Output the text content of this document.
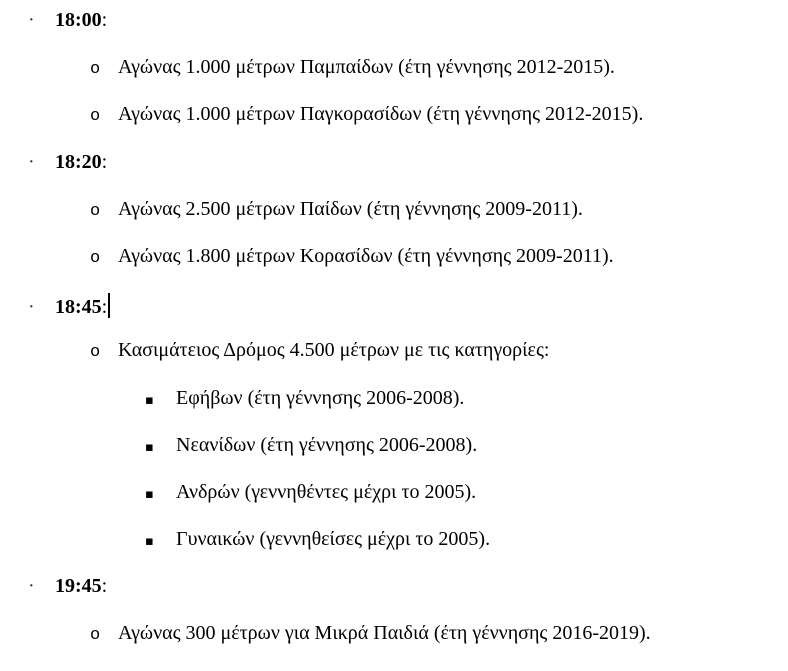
· 18:00:
o Αγώνας 1.000 μέτρων Παμπαίδων (έτη γέννησης 2012-2015).
o Αγώνας 1.000 μέτρων Παγκορασίδων (έτη γέννησης 2012-2015).
· 18:20:
o Αγώνας 2.500 μέτρων Παίδων (έτη γέννησης 2009-2011).
o Αγώνας 1.800 μέτρων Κορασίδων (έτη γέννησης 2009-2011).
· 18:45:
o Κασιμάτειος Δρόμος 4.500 μέτρων με τις κατηγορίες:
▪ Εφήβων (έτη γέννησης 2006-2008).
▪ Νεανίδων (έτη γέννησης 2006-2008).
▪ Ανδρών (γεννηθέντες μέχρι το 2005).
▪ Γυναικών (γεννηθείσες μέχρι το 2005).
· 19:45:
o Αγώνας 300 μέτρων για Μικρά Παιδιά (έτη γέννησης 2016-2019).
